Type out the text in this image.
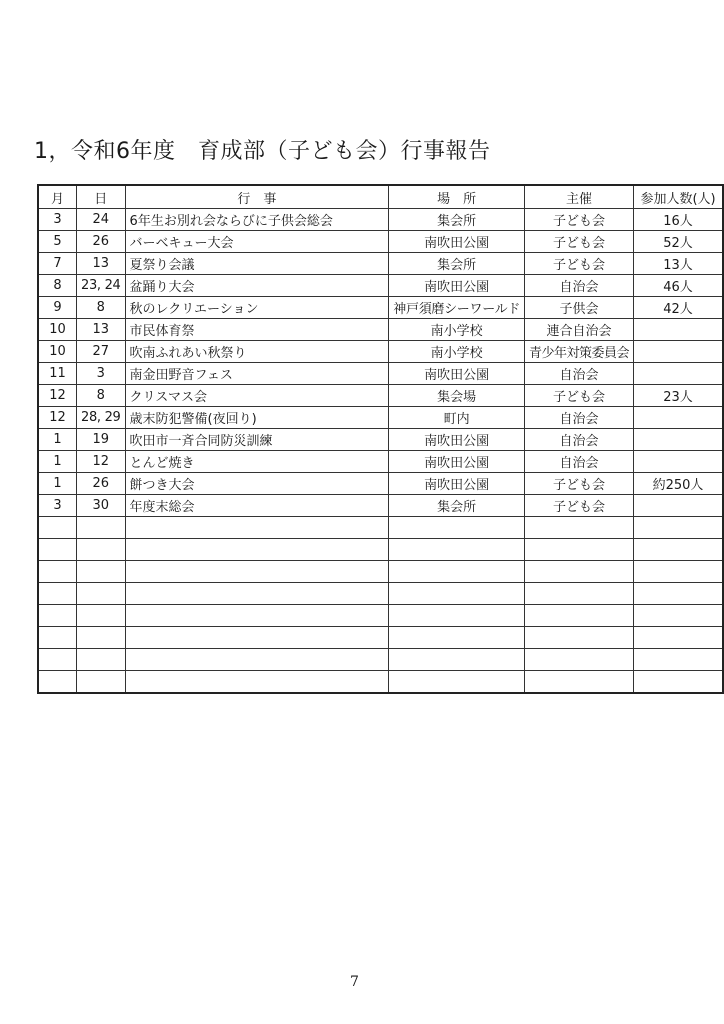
1，令和6年度　育成部（子ども会）行事報告
月	日	行　事	場　所	主催	参加人数(人)
3	24	6年生お別れ会ならびに子供会総会	集会所	子ども会	16人
5	26	バーベキュー大会	南吹田公園	子ども会	52人
7	13	夏祭り会議	集会所	子ども会	13人
8	23, 24	盆踊り大会	南吹田公園	自治会	46人
9	8	秋のレクリエーション	神戸須磨シーワールド	子供会	42人
10	13	市民体育祭	南小学校	連合自治会	
10	27	吹南ふれあい秋祭り	南小学校	青少年対策委員会	
11	3	南金田野音フェス	南吹田公園	自治会	
12	8	クリスマス会	集会場	子ども会	23人
12	28, 29	歳末防犯警備(夜回り)	町内	自治会	
1	19	吹田市一斉合同防災訓練	南吹田公園	自治会	
1	12	とんど焼き	南吹田公園	自治会	
1	26	餅つき大会	南吹田公園	子ども会	約250人
3	30	年度末総会	集会所	子ども会	

7
